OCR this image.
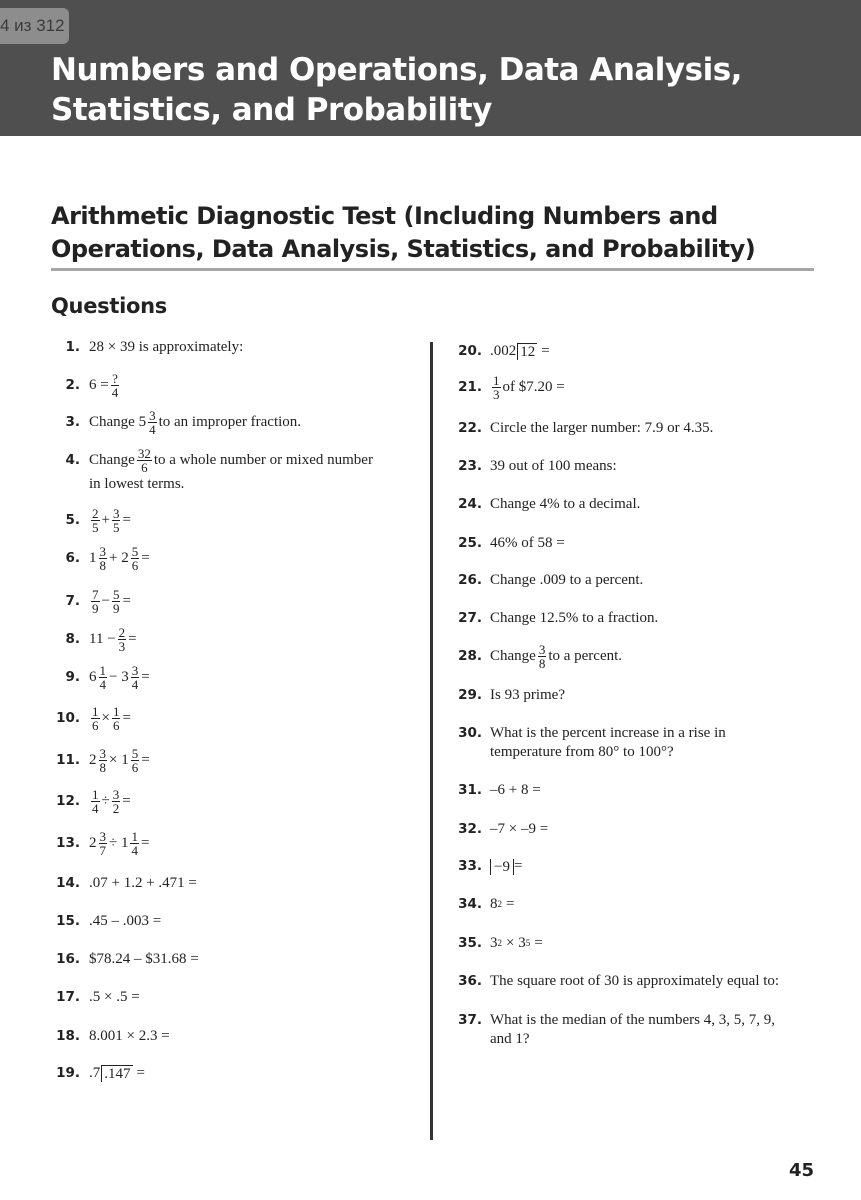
4 из 312
Numbers and Operations, Data Analysis, Statistics, and Probability
Arithmetic Diagnostic Test (Including Numbers and Operations, Data Analysis, Statistics, and Probability)
Questions
1. 28 × 39 is approximately:
2. $6 = \frac{?}{4}$
3. Change $5 \frac{3}{4}$ to an improper fraction.
4. Change $\frac{32}{6}$ to a whole number or mixed number
in lowest terms.
5. $\frac{2}{5} + \frac{3}{5}$ =
6. $1 \frac{3}{8} + 2 \frac{5}{6}$ =
7. $\frac{7}{9} - \frac{5}{9}$ =
8. $11 - \frac{2}{3}$ =
9. $6 \frac{1}{4} - 3 \frac{3}{4}$ =
10. $\frac{1}{6} \times \frac{1}{6}$ =
11. $2 \frac{3}{8} \times 1 \frac{5}{6}$ =
12. $\frac{1}{4} \div \frac{3}{2}$ =
13. $2 \frac{3}{7} \div 1 \frac{1}{4}$ =
14. .07 + 1.2 + .471 =
15. .45 – .003 =
16. $78.24 – $31.68 =
17. .5 × .5 =
18. 8.001 × 2.3 =
19. .7 .147 =
20. .002 12 =
21. $\frac{1}{3}$ of $7.20 =
22. Circle the larger number: 7.9 or 4.35.
23. 39 out of 100 means:
24. Change 4% to a decimal.
25. 46% of 58 =
26. Change .009 to a percent.
27. Change 12.5% to a fraction.
28. Change $\frac{3}{8}$ to a percent.
29. Is 93 prime?
30. What is the percent increase in a rise in
temperature from 80° to 100°?
31. –6 + 8 =
32. –7 × –9 =
33. −9 =
34. 8 2 =
35. 3 2 × 3 5 =
36. The square root of 30 is approximately equal to:
37. What is the median of the numbers 4, 3, 5, 7, 9,
and 1?
45
